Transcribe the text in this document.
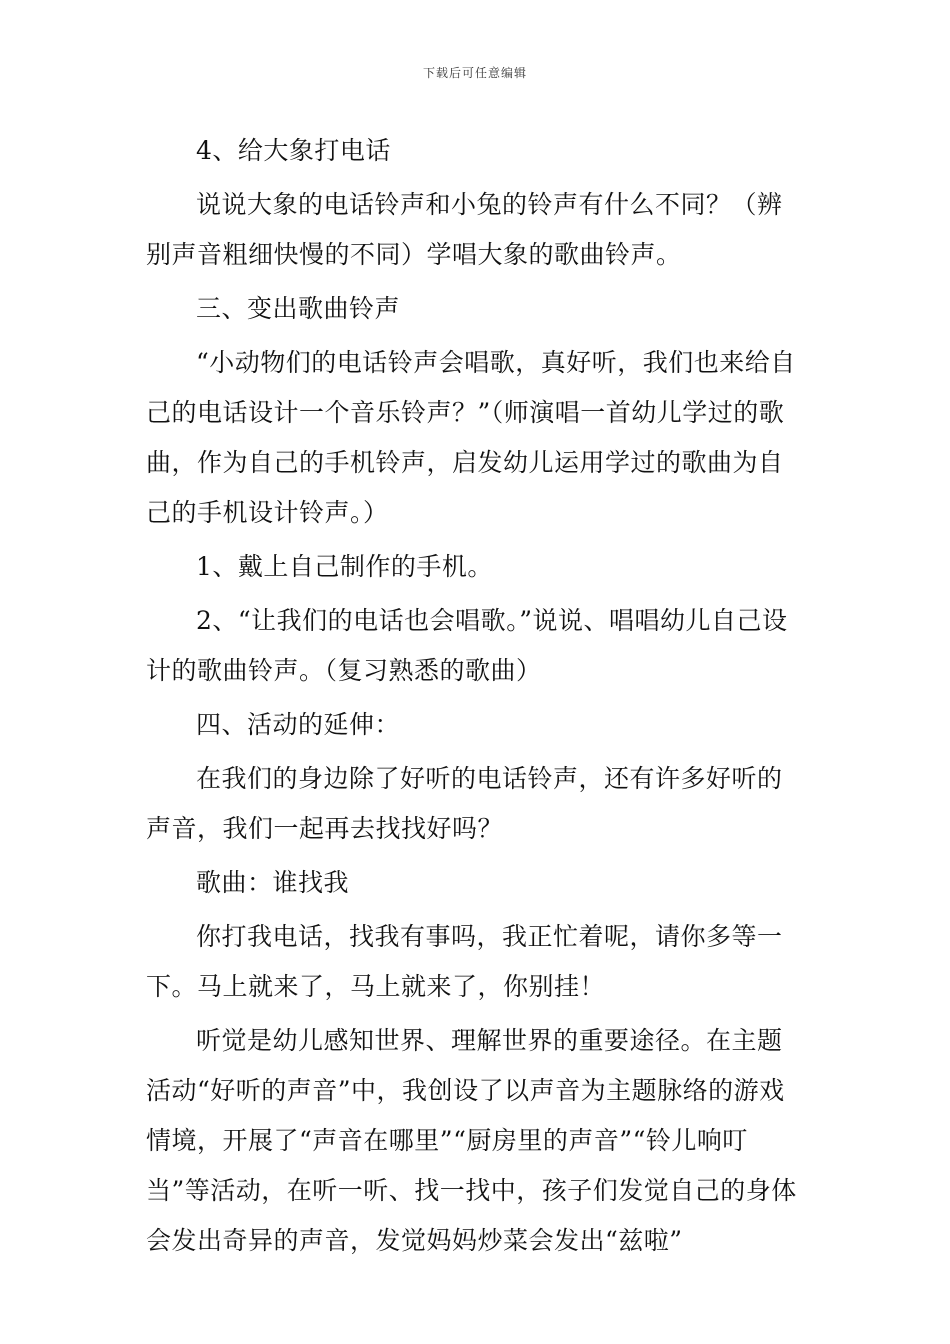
下载后可任意编辑

4、给大象打电话

说说大象的电话铃声和小兔的铃声有什么不同？（辨别声音粗细快慢的不同）学唱大象的歌曲铃声。

三、变出歌曲铃声

“小动物们的电话铃声会唱歌，真好听，我们也来给自己的电话设计一个音乐铃声？”（师演唱一首幼儿学过的歌曲，作为自己的手机铃声，启发幼儿运用学过的歌曲为自己的手机设计铃声。）

1、戴上自己制作的手机。

2、“让我们的电话也会唱歌。”说说、唱唱幼儿自己设计的歌曲铃声。（复习熟悉的歌曲）

四、活动的延伸：

在我们的身边除了好听的电话铃声，还有许多好听的声音，我们一起再去找找好吗？

歌曲：谁找我

你打我电话，找我有事吗，我正忙着呢，请你多等一下。马上就来了，马上就来了，你别挂！

听觉是幼儿感知世界、理解世界的重要途径。在主题活动“好听的声音”中，我创设了以声音为主题脉络的游戏情境，开展了“声音在哪里”“厨房里的声音”“铃儿响叮当”等活动，在听一听、找一找中，孩子们发觉自己的身体会发出奇异的声音，发觉妈妈炒菜会发出“兹啦”
